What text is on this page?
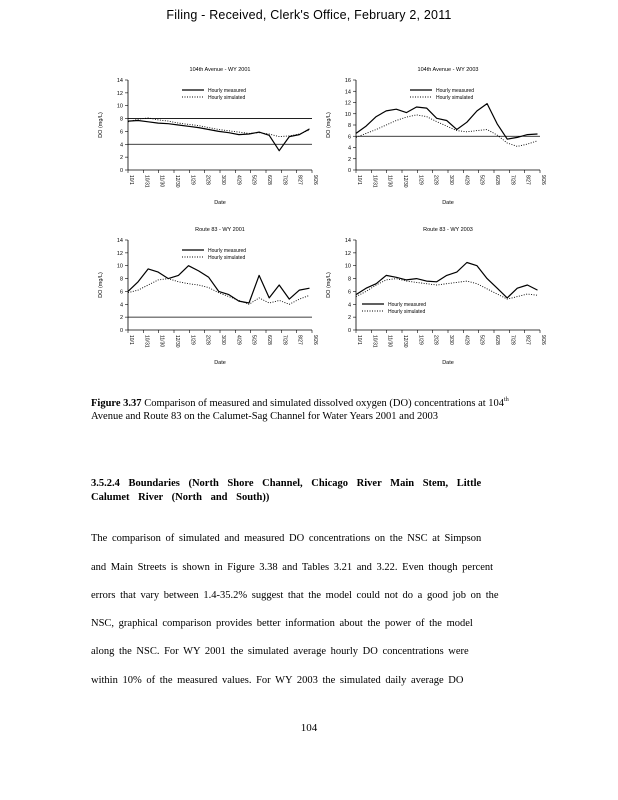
Filing - Received, Clerk's Office, February 2, 2011
104th Avenue - WY 2001
0
2
4
6
8
10
12
14
10/1 10/31 11/30 12/30 1/29 2/28 3/30 4/29 5/29 6/28 7/28 8/27 9/26
Date
DO (mg/L)
Hourly measured
Hourly simulated
104th Avenue - WY 2003
0
2
4
6
8
10
12
14
16
10/1 10/31 11/30 12/30 1/29 2/28 3/30 4/29 5/29 6/28 7/28 8/27 9/26
Date
DO (mg/L)
Hourly measured
Hourly simulated
Route 83 - WY 2001
0
2
4
6
8
10
12
14
10/1 10/31 11/30 12/30 1/29 2/28 3/30 4/29 5/29 6/28 7/28 8/27 9/26
Date
DO (mg/L)
Hourly measured
Hourly simulated
Route 83 - WY 2003
0
2
4
6
8
10
12
14
10/1 10/31 11/30 12/30 1/29 2/28 3/30 4/29 5/29 6/28 7/28 8/27 9/26
Date
DO (mg/L)
Hourly measured
Hourly simulated
Figure 3.37 Comparison of measured and simulated dissolved oxygen (DO) concentrations at 104th Avenue and Route 83 on the Calumet-Sag Channel for Water Years 2001 and 2003
3.5.2.4 Boundaries (North Shore Channel, Chicago River Main Stem, Little Calumet River (North and South))
The comparison of simulated and measured DO concentrations on the NSC at Simpson
and Main Streets is shown in Figure 3.38 and Tables 3.21 and 3.22. Even though percent
errors that vary between 1.4-35.2% suggest that the model could not do a good job on the
NSC, graphical comparison provides better information about the power of the model
along the NSC. For WY 2001 the simulated average hourly DO concentrations were
within 10% of the measured values. For WY 2003 the simulated daily average DO
104
